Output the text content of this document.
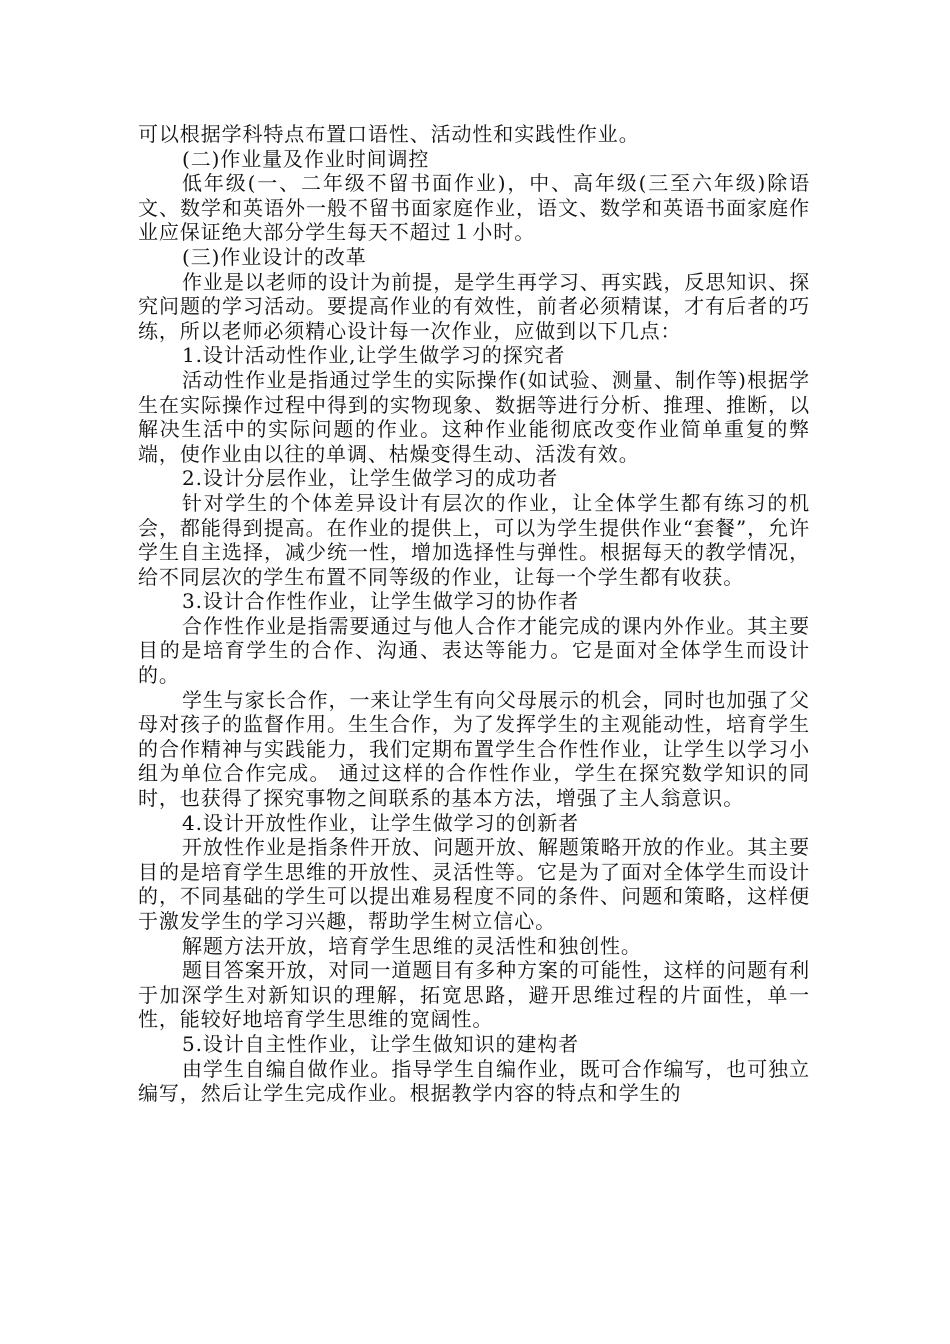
可以根据学科特点布置口语性、活动性和实践性作业。

(二)作业量及作业时间调控

低年级(一、二年级不留书面作业)，中、高年级(三至六年级)除语文、数学和英语外一般不留书面家庭作业，语文、数学和英语书面家庭作业应保证绝大部分学生每天不超过１小时。

(三)作业设计的改革

作业是以老师的设计为前提，是学生再学习、再实践，反思知识、探究问题的学习活动。要提高作业的有效性，前者必须精谋，才有后者的巧练，所以老师必须精心设计每一次作业，应做到以下几点：

1.设计活动性作业,让学生做学习的探究者

活动性作业是指通过学生的实际操作(如试验、测量、制作等)根据学生在实际操作过程中得到的实物现象、数据等进行分析、推理、推断，以解决生活中的实际问题的作业。这种作业能彻底改变作业简单重复的弊端，使作业由以往的单调、枯燥变得生动、活泼有效。

2.设计分层作业，让学生做学习的成功者

针对学生的个体差异设计有层次的作业，让全体学生都有练习的机会，都能得到提高。在作业的提供上，可以为学生提供作业“套餐”，允许学生自主选择，减少统一性，增加选择性与弹性。根据每天的教学情况，给不同层次的学生布置不同等级的作业，让每一个学生都有收获。

3.设计合作性作业，让学生做学习的协作者

合作性作业是指需要通过与他人合作才能完成的课内外作业。其主要目的是培育学生的合作、沟通、表达等能力。它是面对全体学生而设计的。

学生与家长合作，一来让学生有向父母展示的机会，同时也加强了父母对孩子的监督作用。生生合作，为了发挥学生的主观能动性，培育学生的合作精神与实践能力，我们定期布置学生合作性作业，让学生以学习小组为单位合作完成。 通过这样的合作性作业，学生在探究数学知识的同时，也获得了探究事物之间联系的基本方法，增强了主人翁意识。

4.设计开放性作业，让学生做学习的创新者

开放性作业是指条件开放、问题开放、解题策略开放的作业。其主要目的是培育学生思维的开放性、灵活性等。它是为了面对全体学生而设计的，不同基础的学生可以提出难易程度不同的条件、问题和策略，这样便于激发学生的学习兴趣，帮助学生树立信心。

解题方法开放，培育学生思维的灵活性和独创性。

题目答案开放，对同一道题目有多种方案的可能性，这样的问题有利于加深学生对新知识的理解，拓宽思路，避开思维过程的片面性，单一性，能较好地培育学生思维的宽阔性。

5.设计自主性作业，让学生做知识的建构者

由学生自编自做作业。指导学生自编作业，既可合作编写，也可独立编写，然后让学生完成作业。根据教学内容的特点和学生的
